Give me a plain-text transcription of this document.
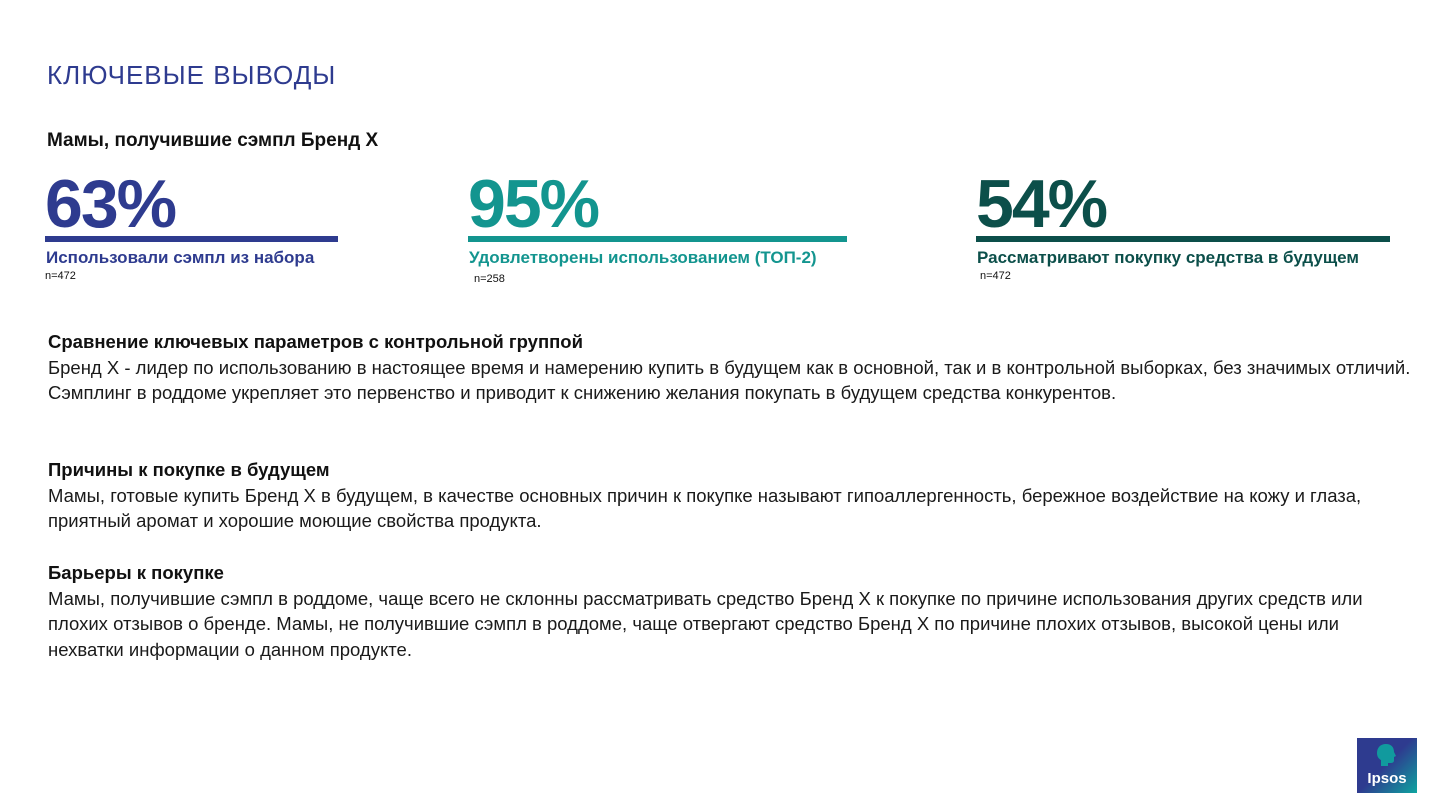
КЛЮЧЕВЫЕ ВЫВОДЫ
Мамы, получившие сэмпл Бренд Х
63%
Использовали сэмпл из набора
n=472
95%
Удовлетворены использованием (ТОП-2)
n=258
54%
Рассматривают покупку средства в будущем
n=472
Сравнение ключевых параметров с контрольной группой
Бренд Х - лидер по использованию в настоящее время и намерению купить в будущем как в основной, так и в контрольной выборках, без значимых отличий. Сэмплинг в роддоме укрепляет это первенство и приводит к снижению желания покупать в будущем средства конкурентов.
Причины к покупке в будущем
Мамы, готовые купить Бренд Х в будущем, в качестве основных причин к покупке называют гипоаллергенность, бережное воздействие на кожу и глаза, приятный аромат и хорошие моющие свойства продукта.
Барьеры к покупке
Мамы, получившие сэмпл в роддоме, чаще всего не склонны рассматривать средство Бренд Х к покупке по причине использования других средств или плохих отзывов о бренде. Мамы, не получившие сэмпл в роддоме, чаще отвергают средство Бренд Х по причине плохих отзывов, высокой цены или нехватки информации о данном продукте.
Ipsos
